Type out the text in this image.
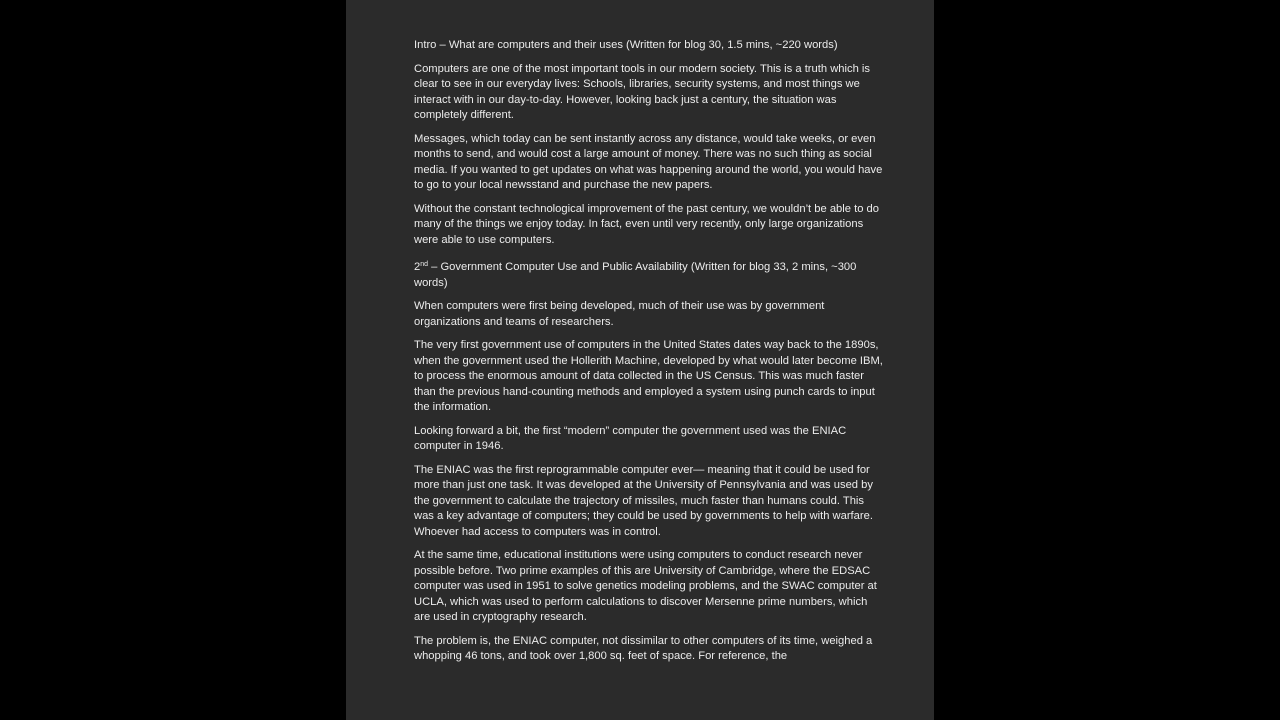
Intro – What are computers and their uses (Written for blog 30, 1.5 mins, ~220 words)

Computers are one of the most important tools in our modern society. This is a truth which is clear to see in our everyday lives: Schools, libraries, security systems, and most things we interact with in our day-to-day. However, looking back just a century, the situation was completely different.

Messages, which today can be sent instantly across any distance, would take weeks, or even months to send, and would cost a large amount of money. There was no such thing as social media. If you wanted to get updates on what was happening around the world, you would have to go to your local newsstand and purchase the new papers.

Without the constant technological improvement of the past century, we wouldn’t be able to do many of the things we enjoy today. In fact, even until very recently, only large organizations were able to use computers.

2nd – Government Computer Use and Public Availability (Written for blog 33, 2 mins, ~300 words)

When computers were first being developed, much of their use was by government organizations and teams of researchers.

The very first government use of computers in the United States dates way back to the 1890s, when the government used the Hollerith Machine, developed by what would later become IBM, to process the enormous amount of data collected in the US Census. This was much faster than the previous hand-counting methods and employed a system using punch cards to input the information.

Looking forward a bit, the first “modern” computer the government used was the ENIAC computer in 1946.

The ENIAC was the first reprogrammable computer ever— meaning that it could be used for more than just one task. It was developed at the University of Pennsylvania and was used by the government to calculate the trajectory of missiles, much faster than humans could. This was a key advantage of computers; they could be used by governments to help with warfare. Whoever had access to computers was in control.

At the same time, educational institutions were using computers to conduct research never possible before. Two prime examples of this are University of Cambridge, where the EDSAC computer was used in 1951 to solve genetics modeling problems, and the SWAC computer at UCLA, which was used to perform calculations to discover Mersenne prime numbers, which are used in cryptography research.

The problem is, the ENIAC computer, not dissimilar to other computers of its time, weighed a whopping 46 tons, and took over 1,800 sq. feet of space. For reference, the
